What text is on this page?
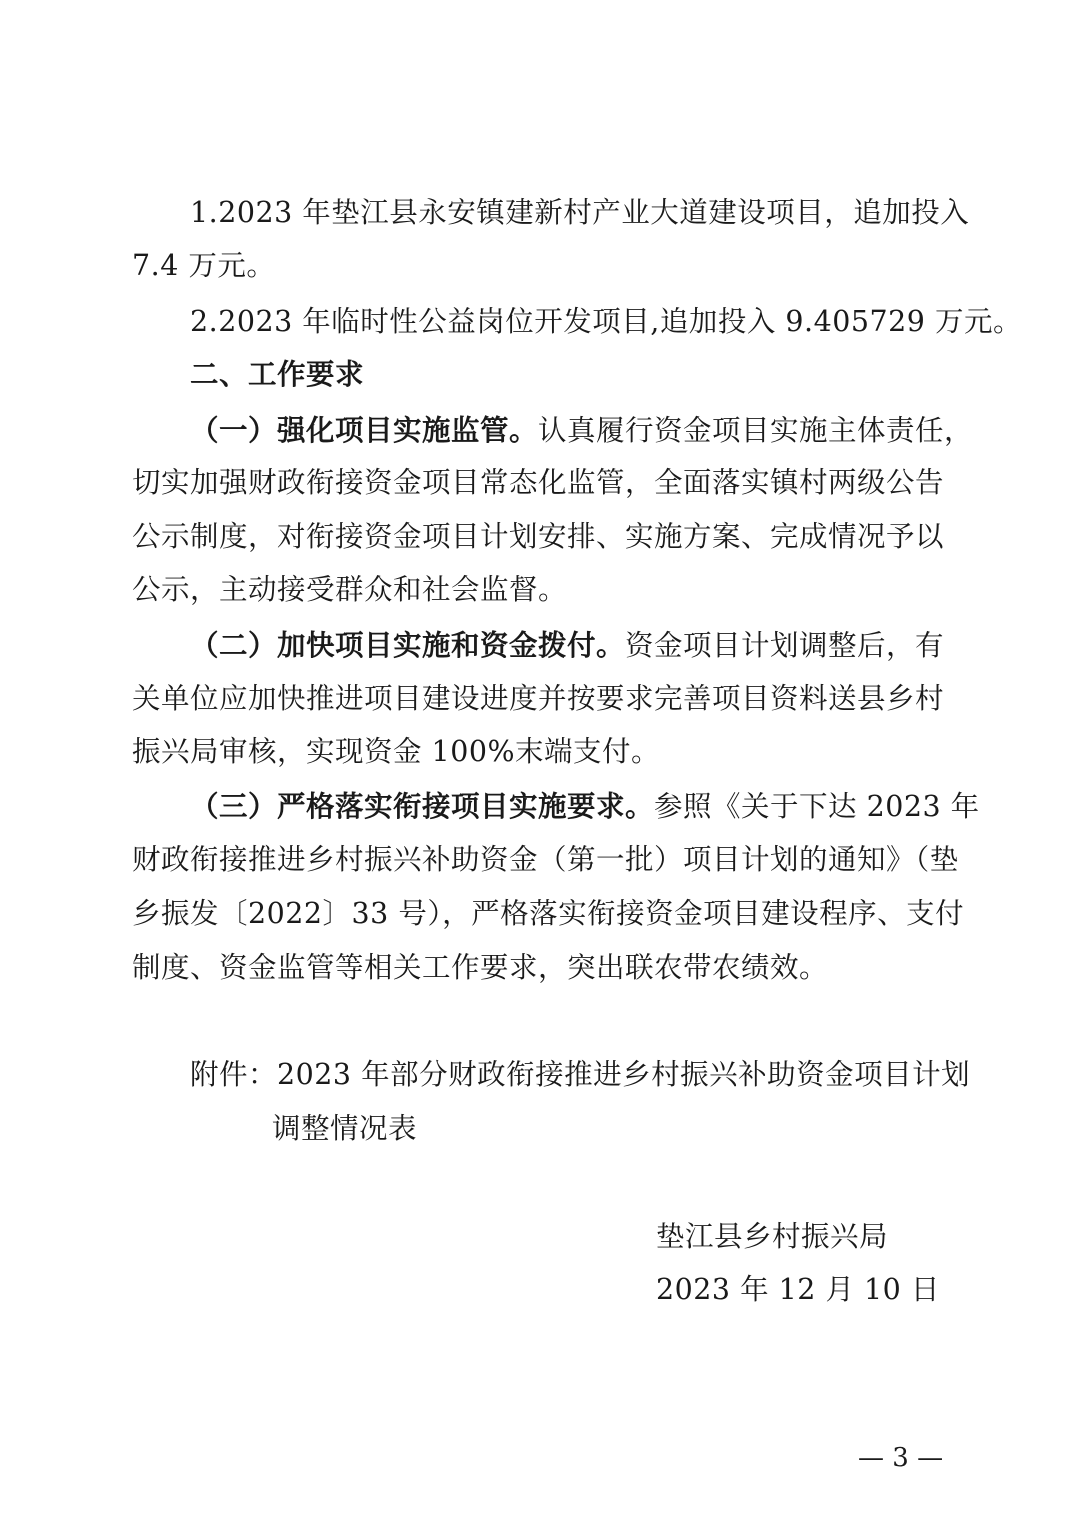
1.2023 年垫江县永安镇建新村产业大道建设项目，追加投入
7.4 万元。
2.2023 年临时性公益岗位开发项目,追加投入 9.405729 万元。
二、工作要求
（一）强化项目实施监管。认真履行资金项目实施主体责任，
切实加强财政衔接资金项目常态化监管，全面落实镇村两级公告
公示制度，对衔接资金项目计划安排、实施方案、完成情况予以
公示，主动接受群众和社会监督。
（二）加快项目实施和资金拨付。资金项目计划调整后，有
关单位应加快推进项目建设进度并按要求完善项目资料送县乡村
振兴局审核，实现资金 100%末端支付。
（三）严格落实衔接项目实施要求。参照《关于下达 2023 年
财政衔接推进乡村振兴补助资金（第一批）项目计划的通知》（垫
乡振发〔2022〕33 号），严格落实衔接资金项目建设程序、支付
制度、资金监管等相关工作要求，突出联农带农绩效。
附件：2023 年部分财政衔接推进乡村振兴补助资金项目计划
调整情况表
垫江县乡村振兴局
2023 年 12 月 10 日
— 3 —
